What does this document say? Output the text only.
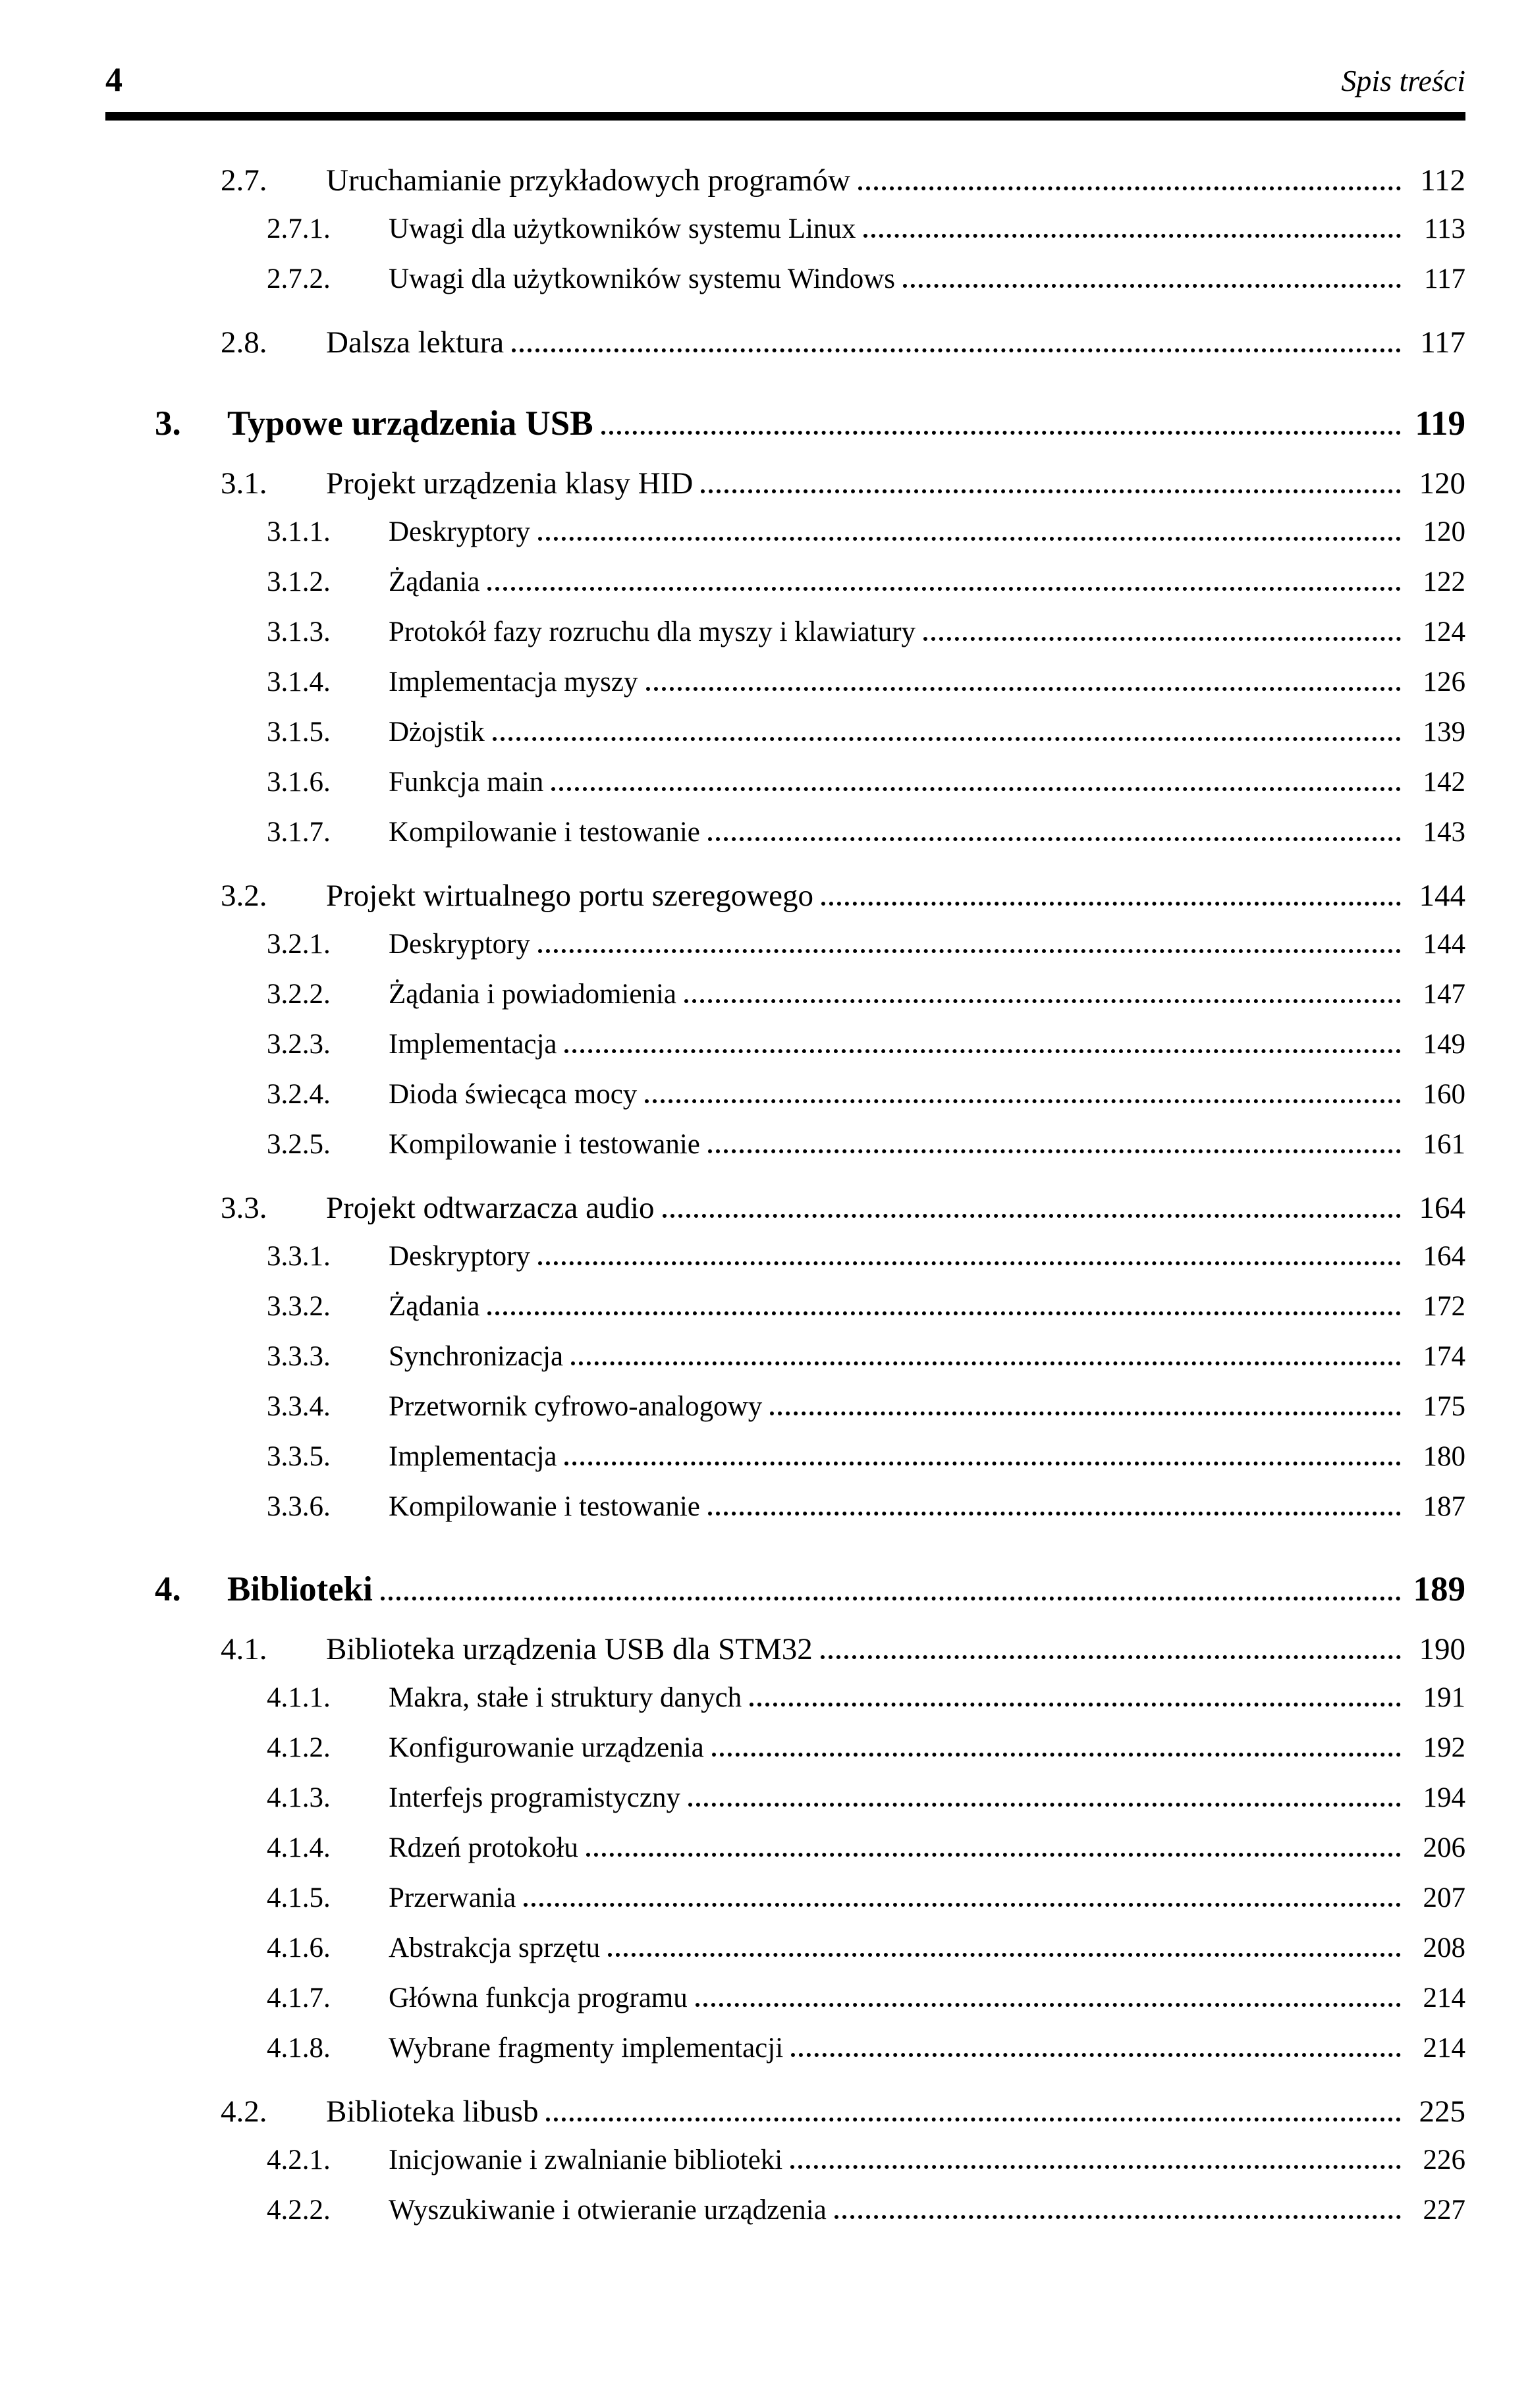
4	Spis treści
2.7.	Uruchamianie przykładowych programów	112
2.7.1.	Uwagi dla użytkowników systemu Linux	113
2.7.2.	Uwagi dla użytkowników systemu Windows	117
2.8.	Dalsza lektura	117
3.	Typowe urządzenia USB	119
3.1.	Projekt urządzenia klasy HID	120
3.1.1.	Deskryptory	120
3.1.2.	Żądania	122
3.1.3.	Protokół fazy rozruchu dla myszy i klawiatury	124
3.1.4.	Implementacja myszy	126
3.1.5.	Dżojstik	139
3.1.6.	Funkcja main	142
3.1.7.	Kompilowanie i testowanie	143
3.2.	Projekt wirtualnego portu szeregowego	144
3.2.1.	Deskryptory	144
3.2.2.	Żądania i powiadomienia	147
3.2.3.	Implementacja	149
3.2.4.	Dioda świecąca mocy	160
3.2.5.	Kompilowanie i testowanie	161
3.3.	Projekt odtwarzacza audio	164
3.3.1.	Deskryptory	164
3.3.2.	Żądania	172
3.3.3.	Synchronizacja	174
3.3.4.	Przetwornik cyfrowo-analogowy	175
3.3.5.	Implementacja	180
3.3.6.	Kompilowanie i testowanie	187
4.	Biblioteki	189
4.1.	Biblioteka urządzenia USB dla STM32	190
4.1.1.	Makra, stałe i struktury danych	191
4.1.2.	Konfigurowanie urządzenia	192
4.1.3.	Interfejs programistyczny	194
4.1.4.	Rdzeń protokołu	206
4.1.5.	Przerwania	207
4.1.6.	Abstrakcja sprzętu	208
4.1.7.	Główna funkcja programu	214
4.1.8.	Wybrane fragmenty implementacji	214
4.2.	Biblioteka libusb	225
4.2.1.	Inicjowanie i zwalnianie biblioteki	226
4.2.2.	Wyszukiwanie i otwieranie urządzenia	227
